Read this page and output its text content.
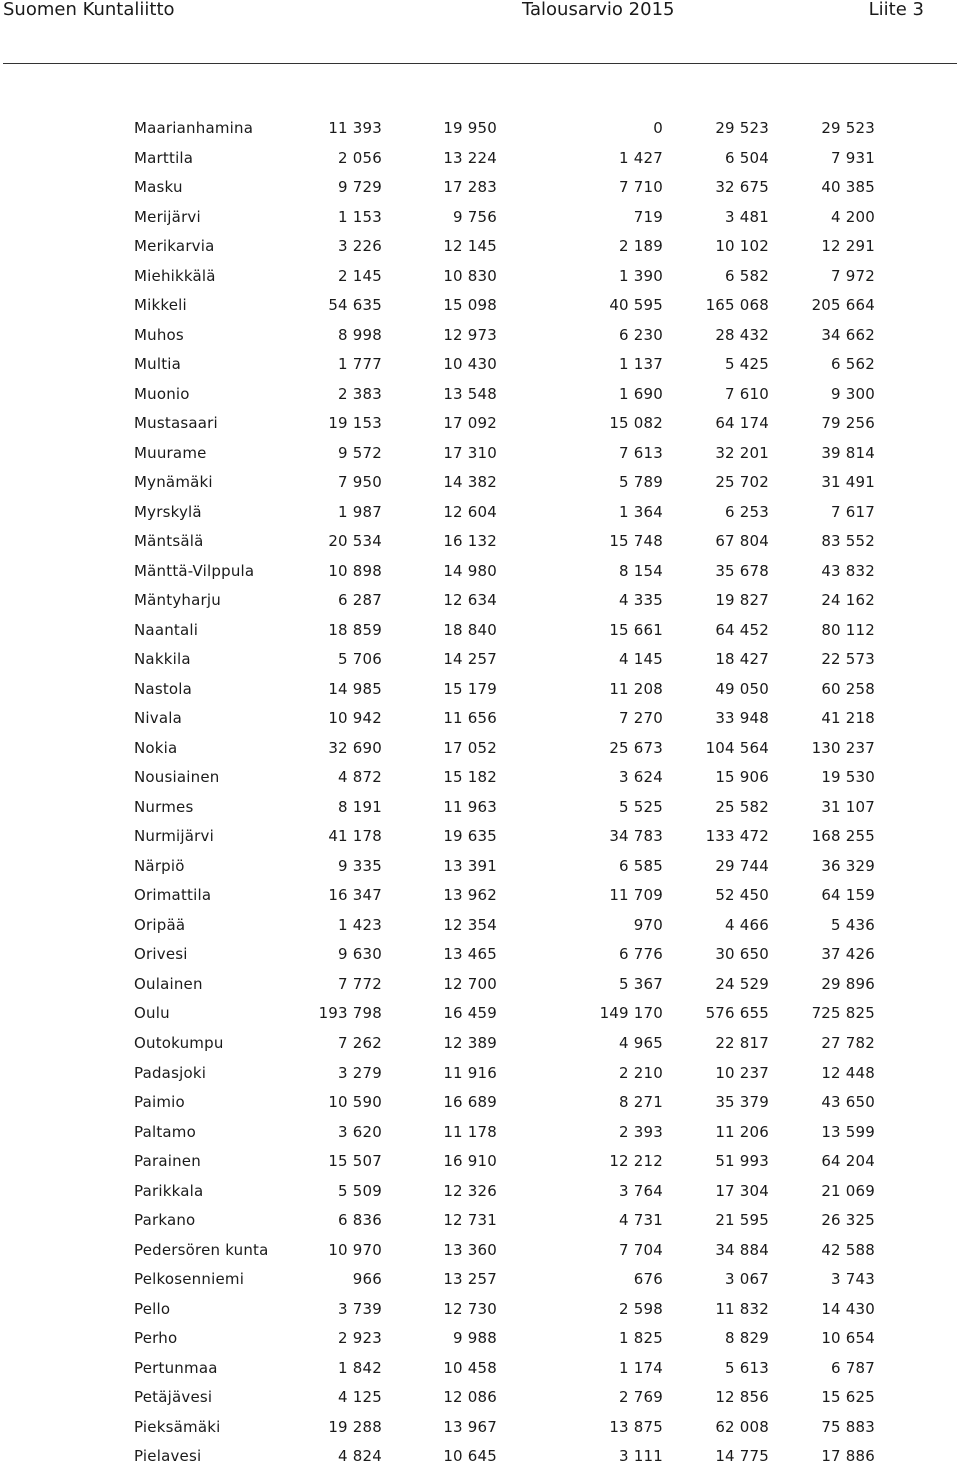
Suomen Kuntaliitto	Talousarvio 2015	Liite 3
Maarianhamina	11 393	19 950	0	29 523	29 523
Marttila	2 056	13 224	1 427	6 504	7 931
Masku	9 729	17 283	7 710	32 675	40 385
Merijärvi	1 153	9 756	719	3 481	4 200
Merikarvia	3 226	12 145	2 189	10 102	12 291
Miehikkälä	2 145	10 830	1 390	6 582	7 972
Mikkeli	54 635	15 098	40 595	165 068	205 664
Muhos	8 998	12 973	6 230	28 432	34 662
Multia	1 777	10 430	1 137	5 425	6 562
Muonio	2 383	13 548	1 690	7 610	9 300
Mustasaari	19 153	17 092	15 082	64 174	79 256
Muurame	9 572	17 310	7 613	32 201	39 814
Mynämäki	7 950	14 382	5 789	25 702	31 491
Myrskylä	1 987	12 604	1 364	6 253	7 617
Mäntsälä	20 534	16 132	15 748	67 804	83 552
Mänttä-Vilppula	10 898	14 980	8 154	35 678	43 832
Mäntyharju	6 287	12 634	4 335	19 827	24 162
Naantali	18 859	18 840	15 661	64 452	80 112
Nakkila	5 706	14 257	4 145	18 427	22 573
Nastola	14 985	15 179	11 208	49 050	60 258
Nivala	10 942	11 656	7 270	33 948	41 218
Nokia	32 690	17 052	25 673	104 564	130 237
Nousiainen	4 872	15 182	3 624	15 906	19 530
Nurmes	8 191	11 963	5 525	25 582	31 107
Nurmijärvi	41 178	19 635	34 783	133 472	168 255
Närpiö	9 335	13 391	6 585	29 744	36 329
Orimattila	16 347	13 962	11 709	52 450	64 159
Oripää	1 423	12 354	970	4 466	5 436
Orivesi	9 630	13 465	6 776	30 650	37 426
Oulainen	7 772	12 700	5 367	24 529	29 896
Oulu	193 798	16 459	149 170	576 655	725 825
Outokumpu	7 262	12 389	4 965	22 817	27 782
Padasjoki	3 279	11 916	2 210	10 237	12 448
Paimio	10 590	16 689	8 271	35 379	43 650
Paltamo	3 620	11 178	2 393	11 206	13 599
Parainen	15 507	16 910	12 212	51 993	64 204
Parikkala	5 509	12 326	3 764	17 304	21 069
Parkano	6 836	12 731	4 731	21 595	26 325
Pedersören kunta	10 970	13 360	7 704	34 884	42 588
Pelkosenniemi	966	13 257	676	3 067	3 743
Pello	3 739	12 730	2 598	11 832	14 430
Perho	2 923	9 988	1 825	8 829	10 654
Pertunmaa	1 842	10 458	1 174	5 613	6 787
Petäjävesi	4 125	12 086	2 769	12 856	15 625
Pieksämäki	19 288	13 967	13 875	62 008	75 883
Pielavesi	4 824	10 645	3 111	14 775	17 886
